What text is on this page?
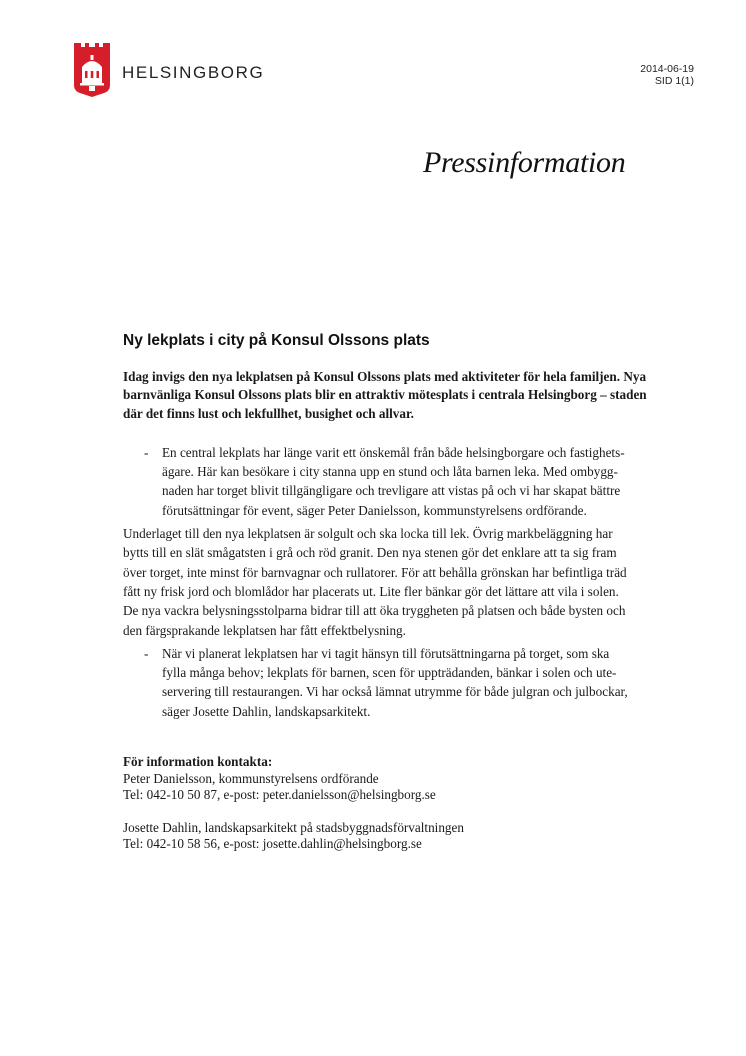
HELSINGBORG	2014-06-19
SID 1(1)
Pressinformation
Ny lekplats i city på Konsul Olssons plats

Idag invigs den nya lekplatsen på Konsul Olssons plats med aktiviteter för hela familjen. Nya barnvänliga Konsul Olssons plats blir en attraktiv mötesplats i centrala Helsingborg – staden där det finns lust och lekfullhet, busighet och allvar.

- En central lekplats har länge varit ett önskemål från både helsingborgare och fastighets-
ägare. Här kan besökare i city stanna upp en stund och låta barnen leka. Med ombygg-
naden har torget blivit tillgängligare och trevligare att vistas på och vi har skapat bättre
förutsättningar för event, säger Peter Danielsson, kommunstyrelsens ordförande.
Underlaget till den nya lekplatsen är solgult och ska locka till lek. Övrig markbeläggning har
bytts till en slät smågatsten i grå och röd granit. Den nya stenen gör det enklare att ta sig fram
över torget, inte minst för barnvagnar och rullatorer. För att behålla grönskan har befintliga träd
fått ny frisk jord och blomlådor har placerats ut. Lite fler bänkar gör det lättare att vila i solen.
De nya vackra belysningsstolparna bidrar till att öka tryggheten på platsen och både bysten och
den färgsprakande lekplatsen har fått effektbelysning.
- När vi planerat lekplatsen har vi tagit hänsyn till förutsättningarna på torget, som ska
fylla många behov; lekplats för barnen, scen för uppträdanden, bänkar i solen och ute-
servering till restaurangen. Vi har också lämnat utrymme för både julgran och julbockar,
säger Josette Dahlin, landskapsarkitekt.
För information kontakta:
Peter Danielsson, kommunstyrelsens ordförande
Tel: 042-10 50 87, e-post: peter.danielsson@helsingborg.se
Josette Dahlin, landskapsarkitekt på stadsbyggnadsförvaltningen
Tel: 042-10 58 56, e-post: josette.dahlin@helsingborg.se
